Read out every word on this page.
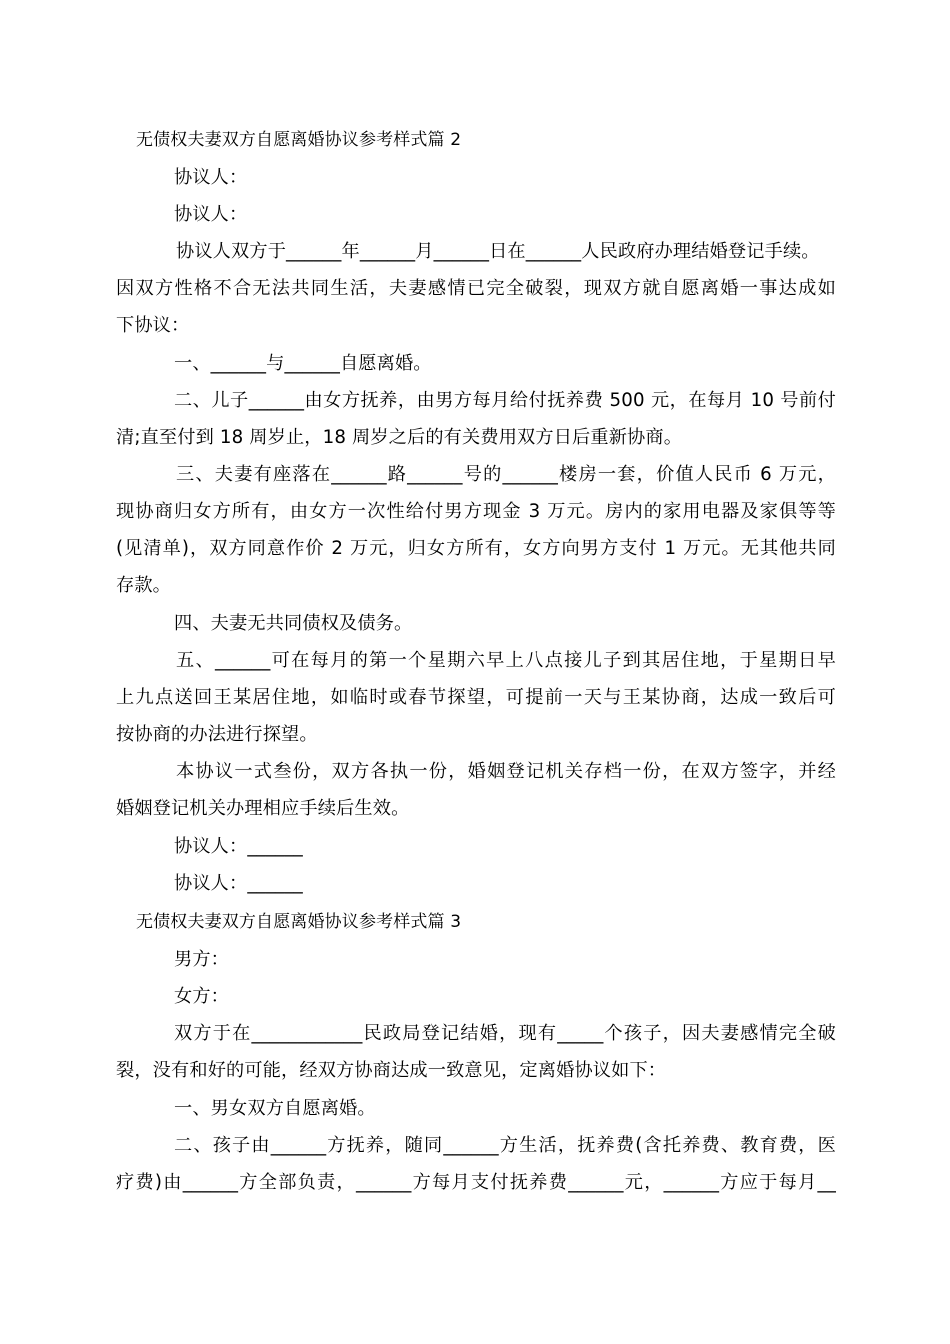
无债权夫妻双方自愿离婚协议参考样式篇 2
协议人：
协议人：
协议人双方于______年______月______日在______人民政府办理结婚登记手续。
因双方性格不合无法共同生活，夫妻感情已完全破裂，现双方就自愿离婚一事达成如
下协议：
一、______与______自愿离婚。
二、儿子______由女方抚养，由男方每月给付抚养费 500 元，在每月 10 号前付
清;直至付到 18 周岁止，18 周岁之后的有关费用双方日后重新协商。
三、夫妻有座落在______路______号的______楼房一套，价值人民币 6 万元，
现协商归女方所有，由女方一次性给付男方现金 3 万元。房内的家用电器及家俱等等
(见清单)，双方同意作价 2 万元，归女方所有，女方向男方支付 1 万元。无其他共同
存款。
四、夫妻无共同债权及债务。
五、______可在每月的第一个星期六早上八点接儿子到其居住地，于星期日早
上九点送回王某居住地，如临时或春节探望，可提前一天与王某协商，达成一致后可
按协商的办法进行探望。
本协议一式叁份，双方各执一份，婚姻登记机关存档一份，在双方签字，并经
婚姻登记机关办理相应手续后生效。
协议人：______
协议人：______
无债权夫妻双方自愿离婚协议参考样式篇 3
男方：
女方：
双方于在____________民政局登记结婚，现有_____个孩子，因夫妻感情完全破
裂，没有和好的可能，经双方协商达成一致意见，定离婚协议如下：
一、男女双方自愿离婚。
二、孩子由______方抚养，随同______方生活，抚养费(含托养费、教育费，医
疗费)由______方全部负责，______方每月支付抚养费______元，______方应于每月__
